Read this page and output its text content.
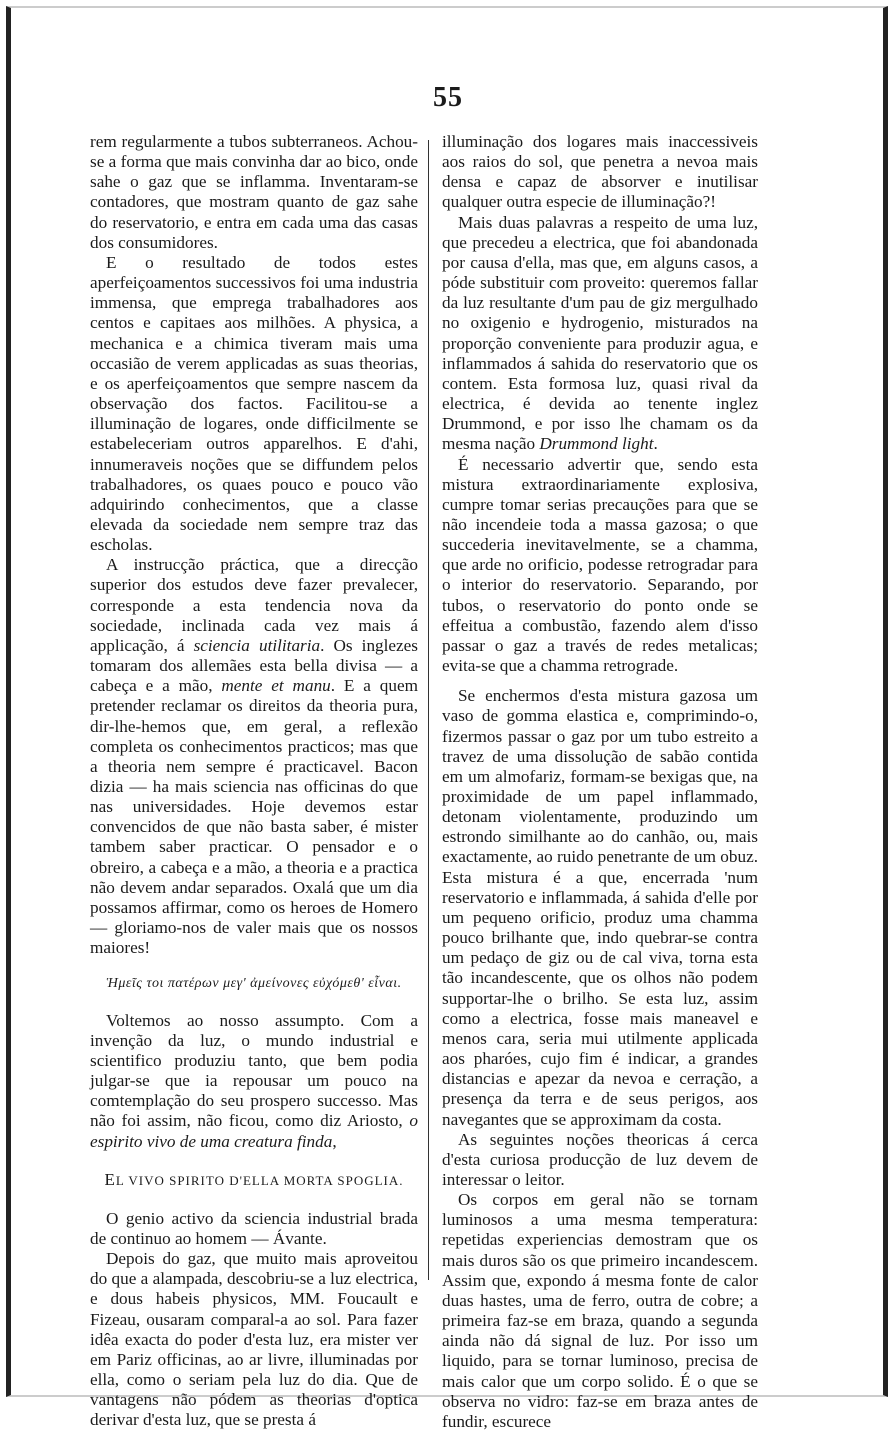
55

rem regularmente a tubos subterraneos. Achou-se a forma que mais convinha dar ao bico, onde sahe o gaz que se inflamma. Inventaram-se contadores, que mostram quanto de gaz sahe do reservatorio, e entra em cada uma das casas dos consumidores.

E o resultado de todos estes aperfeiçoamentos successivos foi uma industria immensa, que emprega trabalhadores aos centos e capitaes aos milhões. A physica, a mechanica e a chimica tiveram mais uma occasião de verem applicadas as suas theorias, e os aperfeiçoamentos que sempre nascem da observação dos factos. Facilitou-se a illuminação de logares, onde difficilmente se estabeleceriam outros apparelhos. E d'ahi, innumeraveis noções que se diffundem pelos trabalhadores, os quaes pouco e pouco vão adquirindo conhecimentos, que a classe elevada da sociedade nem sempre traz das escholas.

A instrucção práctica, que a direcção superior dos estudos deve fazer prevalecer, corresponde a esta tendencia nova da sociedade, inclinada cada vez mais á applicação, á sciencia utilitaria. Os inglezes tomaram dos allemães esta bella divisa — a cabeça e a mão, mente et manu. E a quem pretender reclamar os direitos da theoria pura, dir-lhe-hemos que, em geral, a reflexão completa os conhecimentos practicos; mas que a theoria nem sempre é practicavel. Bacon dizia — ha mais sciencia nas officinas do que nas universidades. Hoje devemos estar convencidos de que não basta saber, é mister tambem saber practicar. O pensador e o obreiro, a cabeça e a mão, a theoria e a practica não devem andar separados. Oxalá que um dia possamos affirmar, como os heroes de Homero — gloriamo-nos de valer mais que os nossos maiores!

Ἡμεῖς τοι πατέρων μεγ' ἀμείνονες εὐχόμεθ' εἶναι.

Voltemos ao nosso assumpto. Com a invenção da luz, o mundo industrial e scientifico produziu tanto, que bem podia julgar-se que ia repousar um pouco na comtemplação do seu prospero successo. Mas não foi assim, não ficou, como diz Ariosto, o espirito vivo de uma creatura finda,

EL VIVO SPIRITO D'ELLA MORTA SPOGLIA.

O genio activo da sciencia industrial brada de continuo ao homem — Ávante.

Depois do gaz, que muito mais aproveitou do que a alampada, descobriu-se a luz electrica, e dous habeis physicos, MM. Foucault e Fizeau, ousaram comparal-a ao sol. Para fazer idêa exacta do poder d'esta luz, era mister ver em Pariz officinas, ao ar livre, illuminadas por ella, como o seriam pela luz do dia. Que de vantagens não pódem as theorias d'optica derivar d'esta luz, que se presta á

illuminação dos logares mais inaccessiveis aos raios do sol, que penetra a nevoa mais densa e capaz de absorver e inutilisar qualquer outra especie de illuminação?!

Mais duas palavras a respeito de uma luz, que precedeu a electrica, que foi abandonada por causa d'ella, mas que, em alguns casos, a póde substituir com proveito: queremos fallar da luz resultante d'um pau de giz mergulhado no oxigenio e hydrogenio, misturados na proporção conveniente para produzir agua, e inflammados á sahida do reservatorio que os contem. Esta formosa luz, quasi rival da electrica, é devida ao tenente inglez Drummond, e por isso lhe chamam os da mesma nação Drummond light.

É necessario advertir que, sendo esta mistura extraordinariamente explosiva, cumpre tomar serias precauções para que se não incendeie toda a massa gazosa; o que succederia inevitavelmente, se a chamma, que arde no orificio, podesse retrogradar para o interior do reservatorio. Separando, por tubos, o reservatorio do ponto onde se effeitua a combustão, fazendo alem d'isso passar o gaz a través de redes metalicas; evita-se que a chamma retrograde.

Se enchermos d'esta mistura gazosa um vaso de gomma elastica e, comprimindo-o, fizermos passar o gaz por um tubo estreito a travez de uma dissolução de sabão contida em um almofariz, formam-se bexigas que, na proximidade de um papel inflammado, detonam violentamente, produzindo um estrondo similhante ao do canhão, ou, mais exactamente, ao ruido penetrante de um obuz. Esta mistura é a que, encerrada 'num reservatorio e inflammada, á sahida d'elle por um pequeno orificio, produz uma chamma pouco brilhante que, indo quebrar-se contra um pedaço de giz ou de cal viva, torna esta tão incandescente, que os olhos não podem supportar-lhe o brilho. Se esta luz, assim como a electrica, fosse mais maneavel e menos cara, seria mui utilmente applicada aos pharóes, cujo fim é indicar, a grandes distancias e apezar da nevoa e cerração, a presença da terra e de seus perigos, aos navegantes que se approximam da costa.

As seguintes noções theoricas á cerca d'esta curiosa producção de luz devem de interessar o leitor.

Os corpos em geral não se tornam luminosos a uma mesma temperatura: repetidas experiencias demostram que os mais duros são os que primeiro incandescem. Assim que, expondo á mesma fonte de calor duas hastes, uma de ferro, outra de cobre; a primeira faz-se em braza, quando a segunda ainda não dá signal de luz. Por isso um liquido, para se tornar luminoso, precisa de mais calor que um corpo solido. É o que se observa no vidro: faz-se em braza antes de fundir, escurece
